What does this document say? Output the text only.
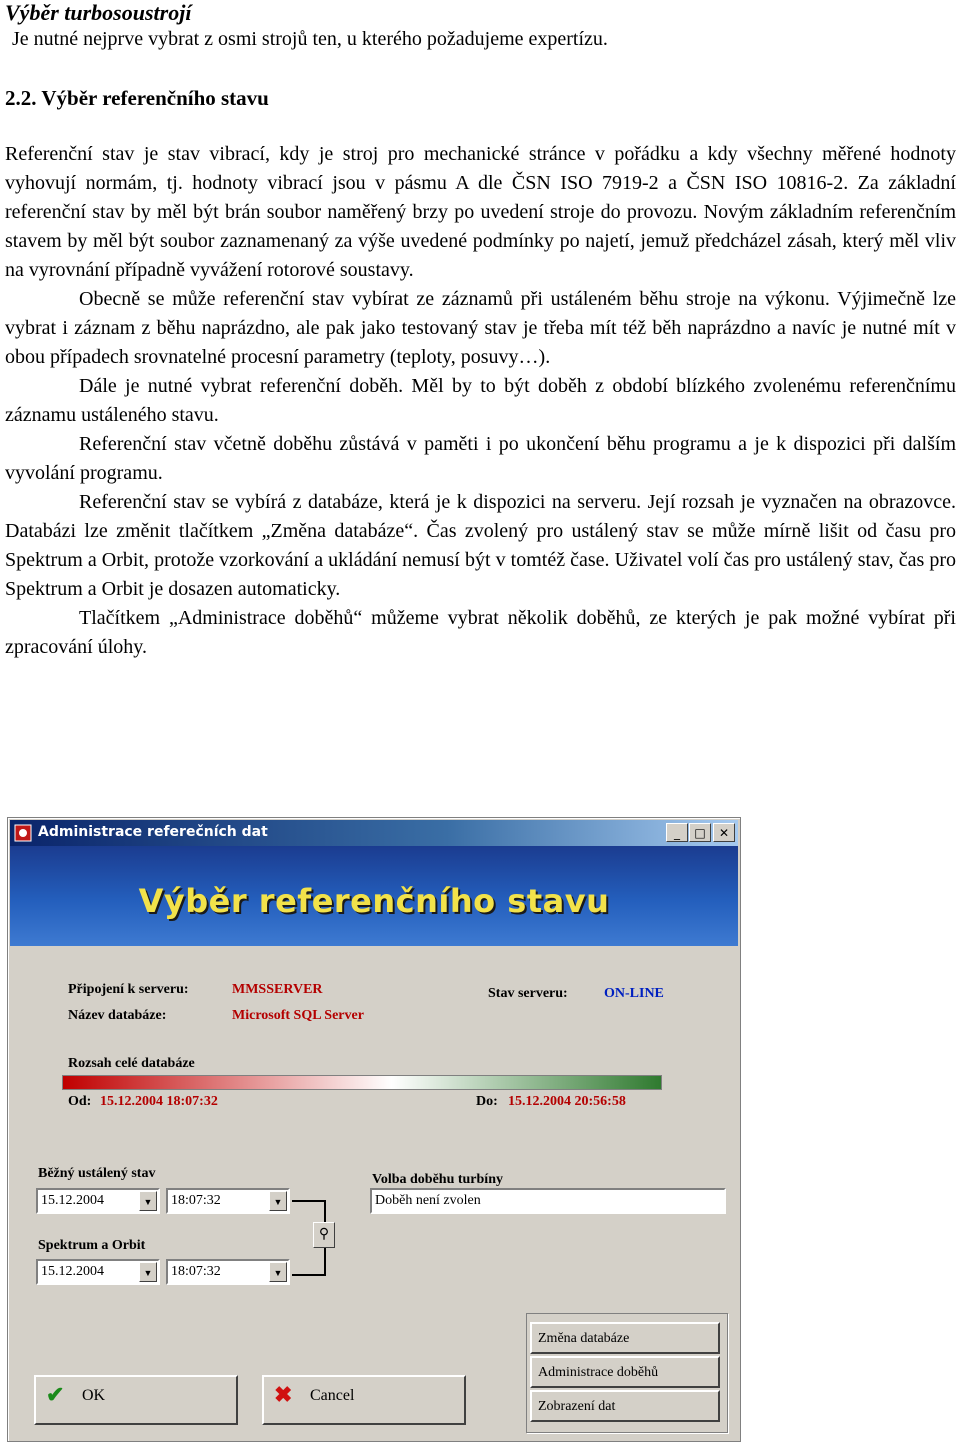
Výběr turbosoustrojí
Je nutné nejprve vybrat z osmi strojů ten, u kterého požadujeme expertízu.
2.2. Výběr referenčního stavu

Referenční stav je stav vibrací, kdy je stroj pro mechanické stránce v pořádku a kdy všechny měřené hodnoty vyhovují normám, tj. hodnoty vibrací jsou v pásmu A dle ČSN ISO 7919-2 a ČSN ISO 10816-2. Za základní referenční stav by měl být brán soubor naměřený brzy po uvedení stroje do provozu. Novým základním referenčním stavem by měl být soubor zaznamenaný za výše uvedené podmínky po najetí, jemuž předcházel zásah, který měl vliv na vyrovnání případně vyvážení rotorové soustavy.

Obecně se může referenční stav vybírat ze záznamů při ustáleném běhu stroje na výkonu. Výjimečně lze vybrat i záznam z běhu naprázdno, ale pak jako testovaný stav je třeba mít též běh naprázdno a navíc je nutné mít v obou případech srovnatelné procesní parametry (teploty, posuvy…).

Dále je nutné vybrat referenční doběh. Měl by to být doběh z období blízkého zvolenému referenčnímu záznamu ustáleného stavu.

Referenční stav včetně doběhu zůstává v paměti i po ukončení běhu programu a je k dispozici při dalším vyvolání programu.

Referenční stav se vybírá z databáze, která je k dispozici na serveru. Její rozsah je vyznačen na obrazovce. Databázi lze změnit tlačítkem „Změna databáze“. Čas zvolený pro ustálený stav se může mírně lišit od času pro Spektrum a Orbit, protože vzorkování a ukládání nemusí být v tomtéž čase. Uživatel volí čas pro ustálený stav, čas pro Spektrum a Orbit je dosazen automaticky.

Tlačítkem „Administrace doběhů“ můžeme vybrat několik doběhů, ze kterých je pak možné vybírat při zpracování úlohy.

Administrace referečních dat	_	□	✕
Výběr referenčního stavu
Připojení k serveru:	MMSSERVER
Název databáze:	Microsoft SQL Server
Stav serveru:	ON-LINE
Rozsah celé databáze
Od: 15.12.2004 18:07:32	Do: 15.12.2004 20:56:58
Běžný ustálený stav
15.12.2004	▼	18:07:32	▼
Spektrum a Orbit
15.12.2004	▼	18:07:32	▼
⚲
Volba doběhu turbíny
Doběh není zvolen
Změna databáze
Administrace doběhů
Zobrazení dat
✔ OK	✖ Cancel
